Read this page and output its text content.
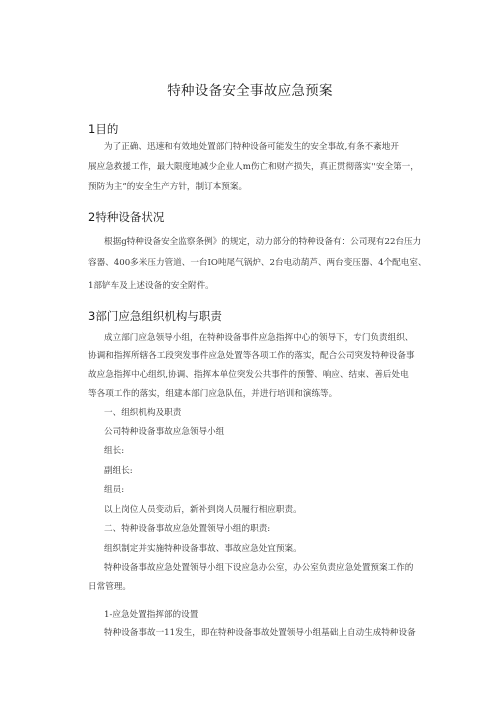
特种设备安全事故应急预案
1目的
为了正确、迅速和有效地处置部门特种设备可能发生的安全事故,有条不紊地开
展应急救援工作，最大限度地减少企业人m伤亡和财产损失，真正贯彻落实''安全第一，
预防为主”的安全生产方针，制订本预案。
2特种设备状况
根据g特种设备安全监察条例》的规定，动力部分的特种设备有：公司现有22台压力
容器、400多米压力管道、一台IO吨尾气锅炉、2台电动葫芦、两台变压器、4个配电室、
1部铲车及上述设备的安全附件。
3部门应急组织机构与职责
成立部门应急领导小组，在特种设备事件应急指挥中心的领导下，专门负责组织、
协调和指挥所辖各工段突发事件应急处置等各项工作的落实，配合公司突发特种设备事
故应急指挥中心组织,协调、指挥本单位突发公共事件的预警、响应、结束、善后处电
等各项工作的落实，组建本部门应急队伍，并进行培训和演练等。
一、组织机构及职责
公司特种设备事故应急领导小组
组长:
副组长:
组员:
以上岗位人员变动后，新补到岗人员履行相应职责。
二、特种设备事故应急处置领导小组的职责:
组织制定并实施特种设备事故、事故应急处宜预案。
特种设备事故应急处置领导小组下设应急办公室，办公室负责应急处置预案工作的
日常管理。
1-应急处置指挥部的设置
特种设备事故一11发生，即在特种设备事故处置领导小组基础上自动生成特种设备
